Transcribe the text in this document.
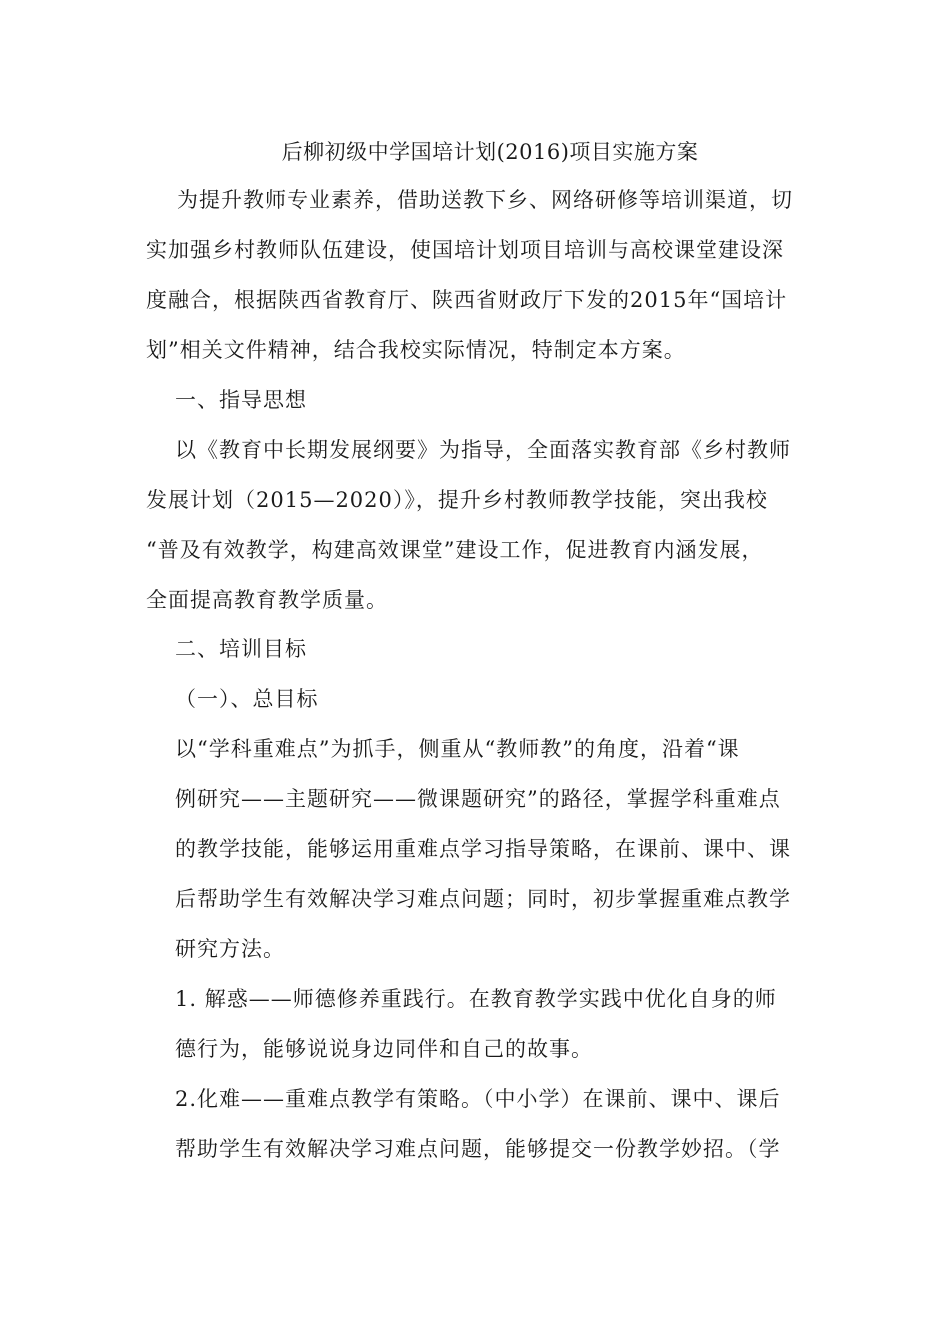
后柳初级中学国培计划(2016)项目实施方案
为提升教师专业素养，借助送教下乡、网络研修等培训渠道，切
实加强乡村教师队伍建设，使国培计划项目培训与高校课堂建设深
度融合，根据陕西省教育厅、陕西省财政厅下发的2015年“国培计
划”相关文件精神，结合我校实际情况，特制定本方案。
一、指导思想
以《教育中长期发展纲要》为指导，全面落实教育部《乡村教师
发展计划（2015—2020）》，提升乡村教师教学技能，突出我校
“普及有效教学，构建高效课堂”建设工作，促进教育内涵发展，
全面提高教育教学质量。
二、培训目标
（一）、总目标
以“学科重难点”为抓手，侧重从“教师教”的角度，沿着“课
例研究——主题研究——微课题研究”的路径，掌握学科重难点
的教学技能，能够运用重难点学习指导策略，在课前、课中、课
后帮助学生有效解决学习难点问题；同时，初步掌握重难点教学
研究方法。
1. 解惑——师德修养重践行。在教育教学实践中优化自身的师
德行为，能够说说身边同伴和自己的故事。
2.化难——重难点教学有策略。（中小学）在课前、课中、课后
帮助学生有效解决学习难点问题，能够提交一份教学妙招。（学
